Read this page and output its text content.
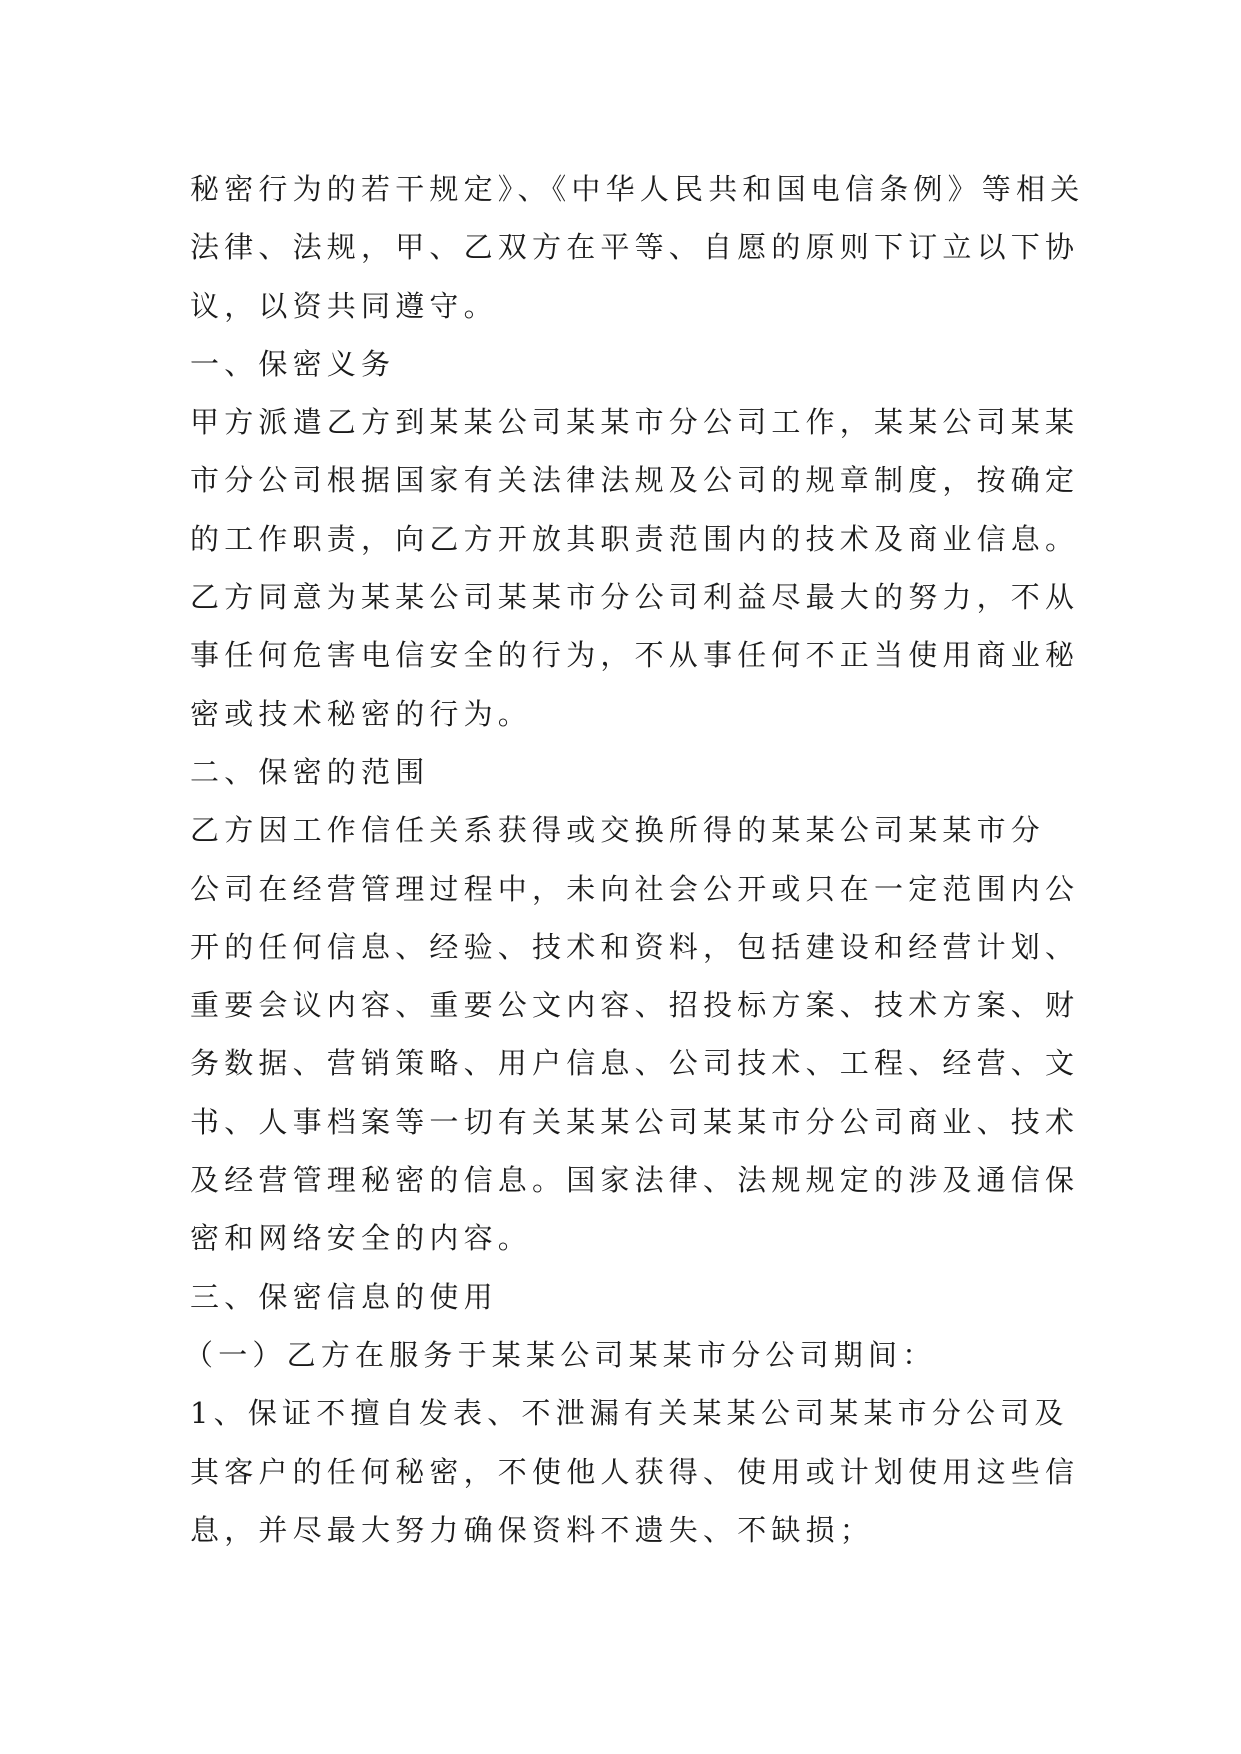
秘密行为的若干规定》、《中华人民共和国电信条例》等相关
法律、法规，甲、乙双方在平等、自愿的原则下订立以下协
议，以资共同遵守。
一、保密义务
甲方派遣乙方到某某公司某某市分公司工作，某某公司某某
市分公司根据国家有关法律法规及公司的规章制度，按确定
的工作职责，向乙方开放其职责范围内的技术及商业信息。
乙方同意为某某公司某某市分公司利益尽最大的努力，不从
事任何危害电信安全的行为，不从事任何不正当使用商业秘
密或技术秘密的行为。
二、保密的范围
乙方因工作信任关系获得或交换所得的某某公司某某市分
公司在经营管理过程中，未向社会公开或只在一定范围内公
开的任何信息、经验、技术和资料，包括建设和经营计划、
重要会议内容、重要公文内容、招投标方案、技术方案、财
务数据、营销策略、用户信息、公司技术、工程、经营、文
书、人事档案等一切有关某某公司某某市分公司商业、技术
及经营管理秘密的信息。国家法律、法规规定的涉及通信保
密和网络安全的内容。
三、保密信息的使用
（一）乙方在服务于某某公司某某市分公司期间：
1、保证不擅自发表、不泄漏有关某某公司某某市分公司及
其客户的任何秘密，不使他人获得、使用或计划使用这些信
息，并尽最大努力确保资料不遗失、不缺损；
